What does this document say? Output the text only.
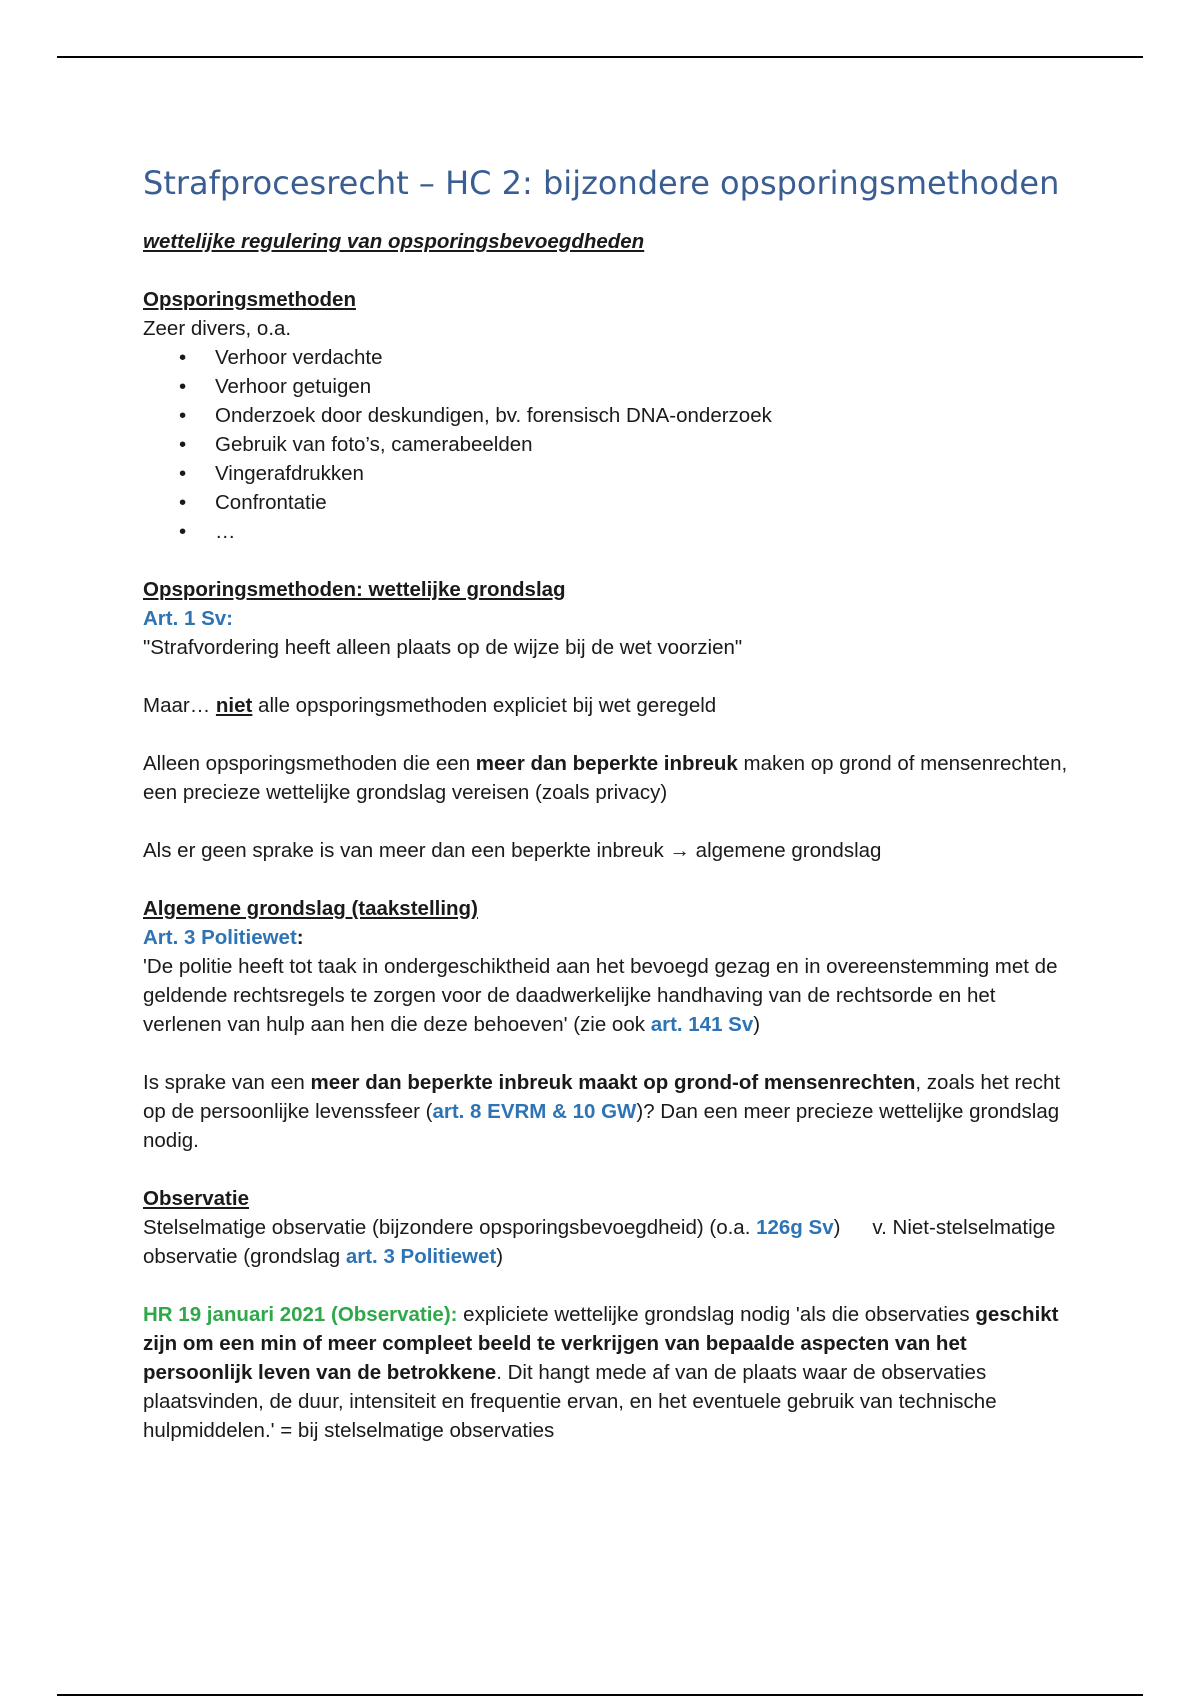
Strafprocesrecht – HC 2: bijzondere opsporingsmethoden

wettelijke regulering van opsporingsbevoegdheden

Opsporingsmethoden

Zeer divers, o.a.

• Verhoor verdachte
• Verhoor getuigen
• Onderzoek door deskundigen, bv. forensisch DNA-onderzoek
• Gebruik van foto’s, camerabeelden
• Vingerafdrukken
• Confrontatie
• …

Opsporingsmethoden: wettelijke grondslag

Art. 1 Sv:

"Strafvordering heeft alleen plaats op de wijze bij de wet voorzien"

Maar… niet alle opsporingsmethoden expliciet bij wet geregeld

Alleen opsporingsmethoden die een meer dan beperkte inbreuk maken op grond of mensenrechten, een precieze wettelijke grondslag vereisen (zoals privacy)

Als er geen sprake is van meer dan een beperkte inbreuk → algemene grondslag

Algemene grondslag (taakstelling)

Art. 3 Politiewet:

'De politie heeft tot taak in ondergeschiktheid aan het bevoegd gezag en in overeenstemming met de geldende rechtsregels te zorgen voor de daadwerkelijke handhaving van de rechtsorde en het verlenen van hulp aan hen die deze behoeven' (zie ook art. 141 Sv)

Is sprake van een meer dan beperkte inbreuk maakt op grond-of mensenrechten, zoals het recht op de persoonlijke levenssfeer (art. 8 EVRM & 10 GW)? Dan een meer precieze wettelijke grondslag nodig.

Observatie

Stelselmatige observatie (bijzondere opsporingsbevoegdheid) (o.a. 126g Sv) v. Niet-stelselmatige observatie (grondslag art. 3 Politiewet)

HR 19 januari 2021 (Observatie): expliciete wettelijke grondslag nodig 'als die observaties geschikt zijn om een min of meer compleet beeld te verkrijgen van bepaalde aspecten van het persoonlijk leven van de betrokkene. Dit hangt mede af van de plaats waar de observaties plaatsvinden, de duur, intensiteit en frequentie ervan, en het eventuele gebruik van technische hulpmiddelen.' = bij stelselmatige observaties
